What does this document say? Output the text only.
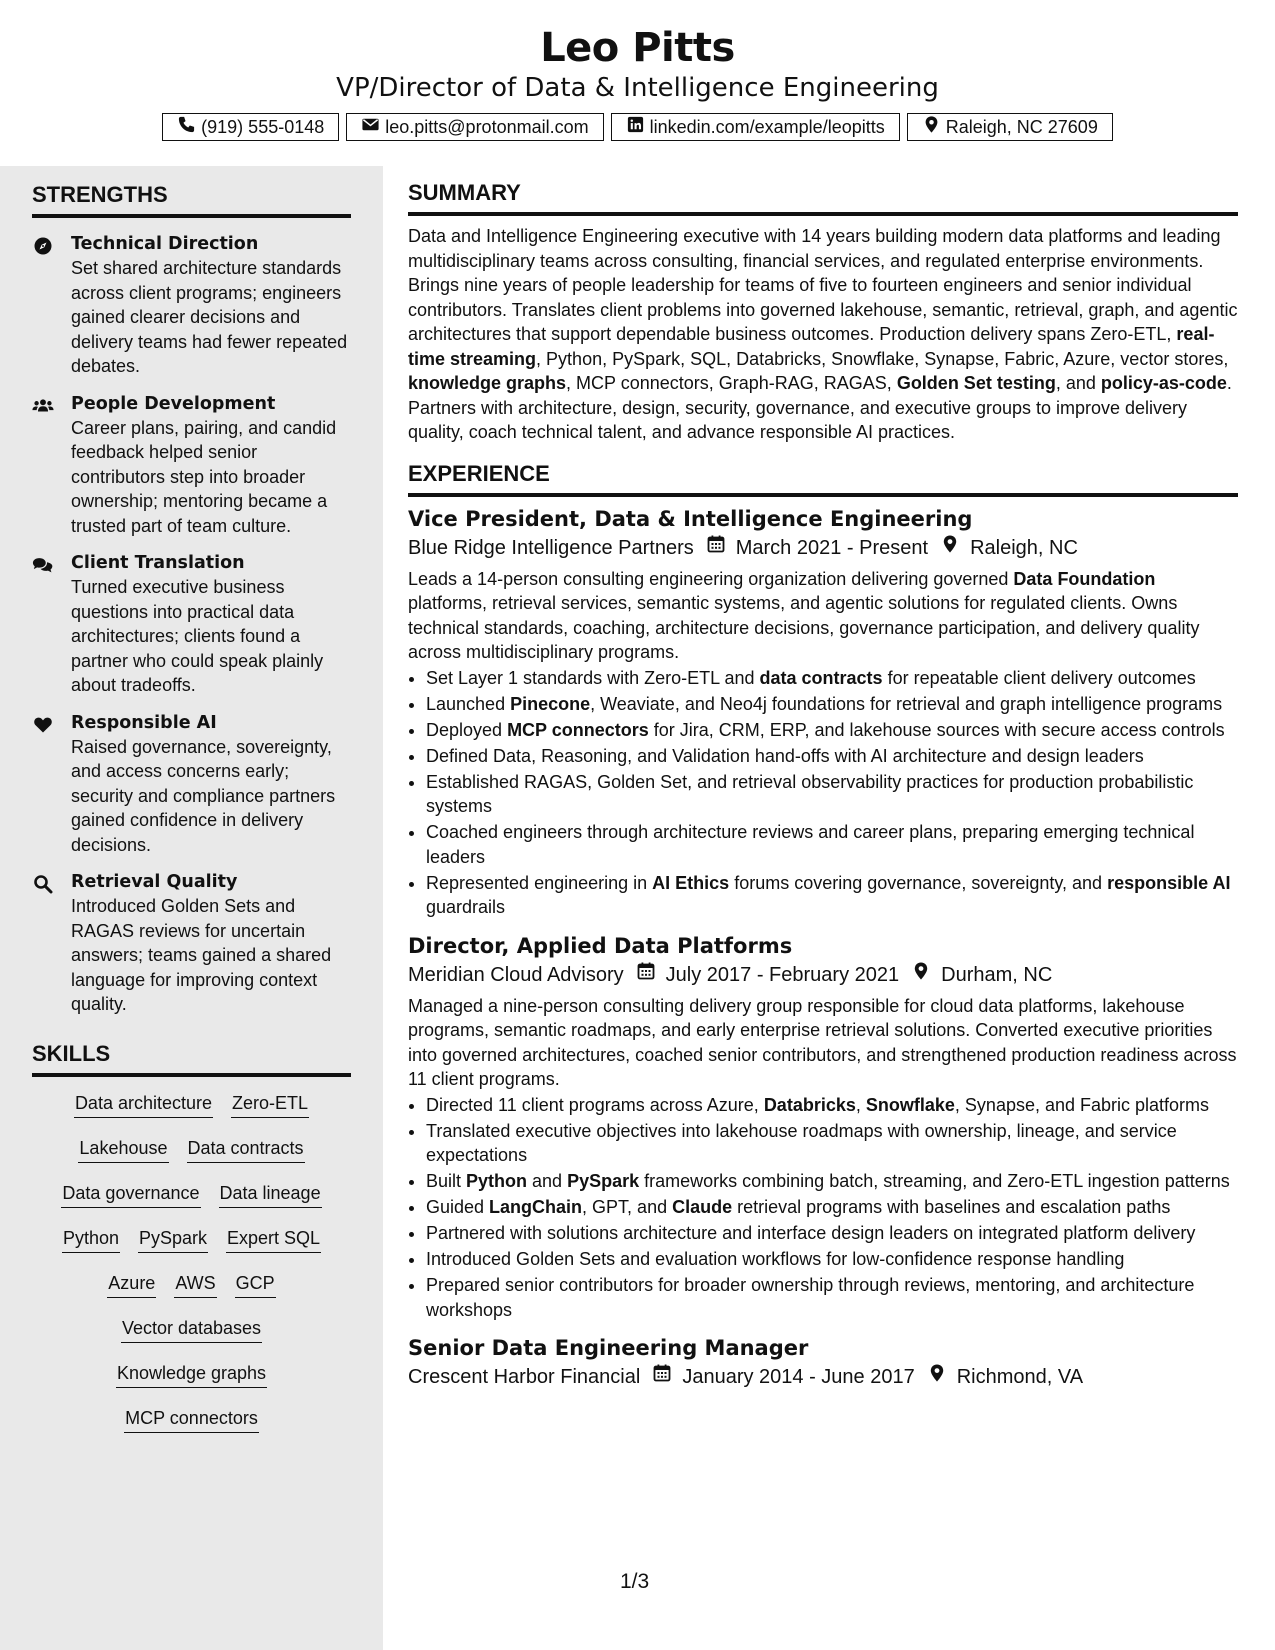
Leo Pitts
VP/Director of Data & Intelligence Engineering
(919) 555-0148	leo.pitts@protonmail.com	linkedin.com/example/leopitts	Raleigh, NC 27609
STRENGTHS
Technical Direction
Set shared architecture standards across client programs; engineers gained clearer decisions and delivery teams had fewer repeated debates.
People Development
Career plans, pairing, and candid feedback helped senior contributors step into broader ownership; mentoring became a trusted part of team culture.
Client Translation
Turned executive business questions into practical data architectures; clients found a partner who could speak plainly about tradeoffs.
Responsible AI
Raised governance, sovereignty, and access concerns early; security and compliance partners gained confidence in delivery decisions.
Retrieval Quality
Introduced Golden Sets and RAGAS reviews for uncertain answers; teams gained a shared language for improving context quality.
SKILLS
Data architecture Zero-ETL
Lakehouse Data contracts
Data governance Data lineage
Python PySpark Expert SQL
Azure AWS GCP
Vector databases
Knowledge graphs
MCP connectors
SUMMARY
Data and Intelligence Engineering executive with 14 years building modern data platforms and leading multidisciplinary teams across consulting, financial services, and regulated enterprise environments. Brings nine years of people leadership for teams of five to fourteen engineers and senior individual contributors. Translates client problems into governed lakehouse, semantic, retrieval, graph, and agentic architectures that support dependable business outcomes. Production delivery spans Zero-ETL, real-time streaming, Python, PySpark, SQL, Databricks, Snowflake, Synapse, Fabric, Azure, vector stores, knowledge graphs, MCP connectors, Graph-RAG, RAGAS, Golden Set testing, and policy-as-code. Partners with architecture, design, security, governance, and executive groups to improve delivery quality, coach technical talent, and advance responsible AI practices.
EXPERIENCE
Vice President, Data & Intelligence Engineering
Blue Ridge Intelligence Partners March 2021 - Present Raleigh, NC
Leads a 14-person consulting engineering organization delivering governed Data Foundation platforms, retrieval services, semantic systems, and agentic solutions for regulated clients. Owns technical standards, coaching, architecture decisions, governance participation, and delivery quality across multidisciplinary programs.
• Set Layer 1 standards with Zero-ETL and data contracts for repeatable client delivery outcomes
• Launched Pinecone, Weaviate, and Neo4j foundations for retrieval and graph intelligence programs
• Deployed MCP connectors for Jira, CRM, ERP, and lakehouse sources with secure access controls
• Defined Data, Reasoning, and Validation hand-offs with AI architecture and design leaders
• Established RAGAS, Golden Set, and retrieval observability practices for production probabilistic systems
• Coached engineers through architecture reviews and career plans, preparing emerging technical leaders
• Represented engineering in AI Ethics forums covering governance, sovereignty, and responsible AI guardrails
Director, Applied Data Platforms
Meridian Cloud Advisory July 2017 - February 2021 Durham, NC
Managed a nine-person consulting delivery group responsible for cloud data platforms, lakehouse programs, semantic roadmaps, and early enterprise retrieval solutions. Converted executive priorities into governed architectures, coached senior contributors, and strengthened production readiness across 11 client programs.
• Directed 11 client programs across Azure, Databricks, Snowflake, Synapse, and Fabric platforms
• Translated executive objectives into lakehouse roadmaps with ownership, lineage, and service expectations
• Built Python and PySpark frameworks combining batch, streaming, and Zero-ETL ingestion patterns
• Guided LangChain, GPT, and Claude retrieval programs with baselines and escalation paths
• Partnered with solutions architecture and interface design leaders on integrated platform delivery
• Introduced Golden Sets and evaluation workflows for low-confidence response handling
• Prepared senior contributors for broader ownership through reviews, mentoring, and architecture workshops
Senior Data Engineering Manager
Crescent Harbor Financial January 2014 - June 2017 Richmond, VA
1/3
